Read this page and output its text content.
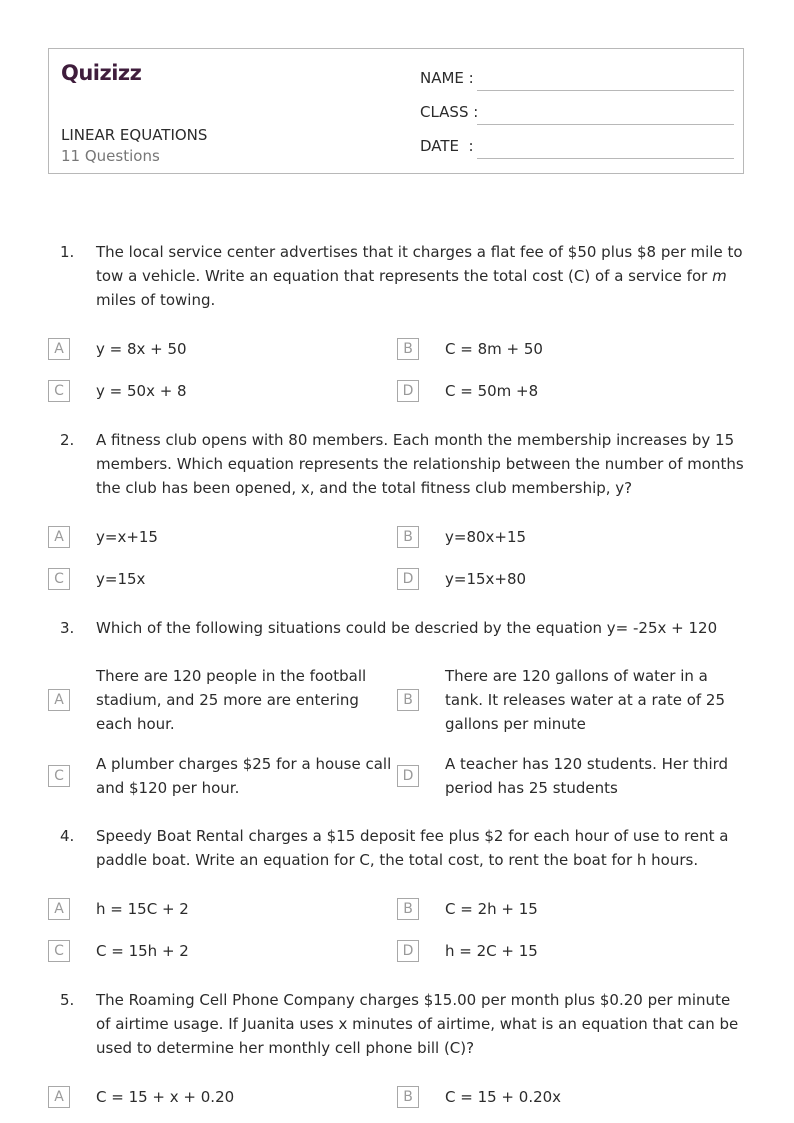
Quizizz
LINEAR EQUATIONS
11 Questions
NAME :
CLASS :
DATE  :
1. The local service center advertises that it charges a flat fee of $50 plus $8 per mile to tow a vehicle. Write an equation that represents the total cost (C) of a service for m miles of towing.
A	y = 8x + 50	B	C = 8m + 50
C	y = 50x + 8	D	C = 50m +8
2. A fitness club opens with 80 members. Each month the membership increases by 15 members. Which equation represents the relationship between the number of months the club has been opened, x, and the total fitness club membership, y?
A	y=x+15	B	y=80x+15
C	y=15x	D	y=15x+80
3. Which of the following situations could be descried by the equation y= -25x + 120
A
There are 120 people in the football stadium, and 25 more are entering each hour.
B
There are 120 gallons of water in a tank. It releases water at a rate of 25 gallons per minute
C
A plumber charges $25 for a house call and $120 per hour.
D
A teacher has 120 students. Her third period has 25 students
4. Speedy Boat Rental charges a $15 deposit fee plus $2 for each hour of use to rent a paddle boat. Write an equation for C, the total cost, to rent the boat for h hours.
A	h = 15C + 2	B	C = 2h + 15
C	C = 15h + 2	D	h = 2C + 15
5. The Roaming Cell Phone Company charges $15.00 per month plus $0.20 per minute of airtime usage. If Juanita uses x minutes of airtime, what is an equation that can be used to determine her monthly cell phone bill (C)?
A	C = 15 + x + 0.20	B	C = 15 + 0.20x
